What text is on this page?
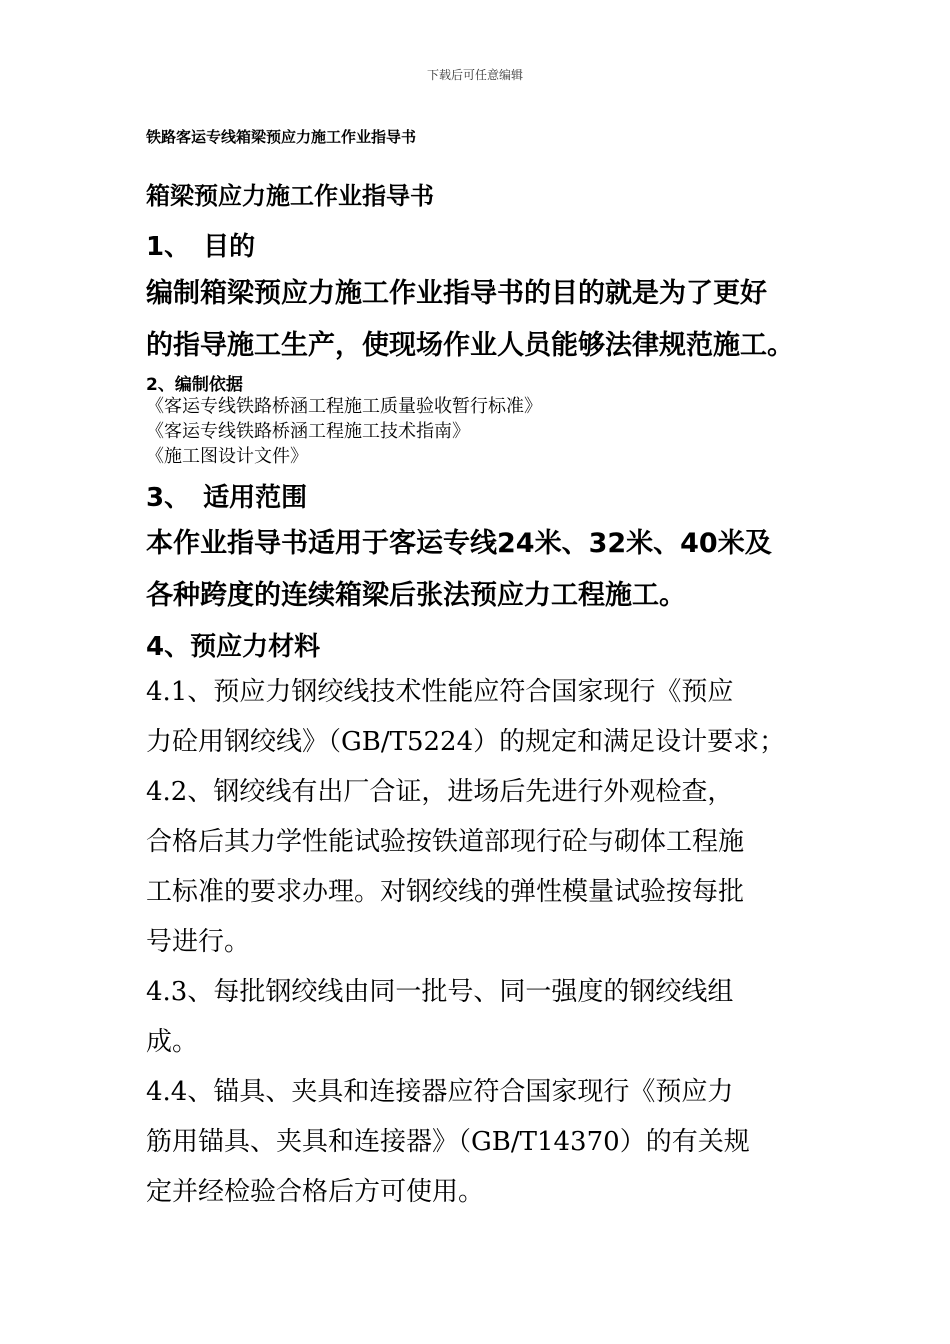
下载后可任意编辑
铁路客运专线箱梁预应力施工作业指导书
箱梁预应力施工作业指导书
1、　目的
编制箱梁预应力施工作业指导书的目的就是为了更好
的指导施工生产，使现场作业人员能够法律规范施工。
2、编制依据
《客运专线铁路桥涵工程施工质量验收暂行标准》
《客运专线铁路桥涵工程施工技术指南》
《施工图设计文件》
3、　适用范围
本作业指导书适用于客运专线24米、32米、40米及
各种跨度的连续箱梁后张法预应力工程施工。
4、预应力材料
4.1、预应力钢绞线技术性能应符合国家现行《预应
力砼用钢绞线》（GB/T5224）的规定和满足设计要求；
4.2、钢绞线有出厂合证，进场后先进行外观检查，
合格后其力学性能试验按铁道部现行砼与砌体工程施
工标准的要求办理。对钢绞线的弹性模量试验按每批
号进行。
4.3、每批钢绞线由同一批号、同一强度的钢绞线组
成。
4.4、锚具、夹具和连接器应符合国家现行《预应力
筋用锚具、夹具和连接器》（GB/T14370）的有关规
定并经检验合格后方可使用。
